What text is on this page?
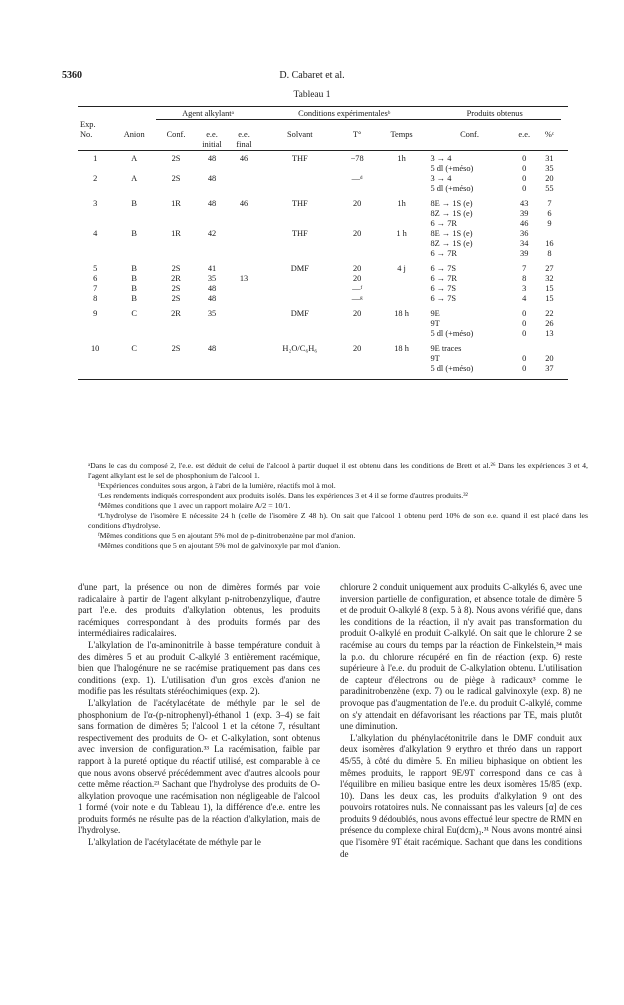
5360	D. Cabaret et al.
Tableau 1

		Agent alkylantᵃ			Conditions expérimentalesᵇ			Produits obtenus			
Exp.											
No.	Anion	Conf.	e.e. initial	e.e. final	Solvant	T°	Temps	Conf.	e.e.	%ᶜ	

1	A	2S	48	46	THF	−78	1h	3 → 4	0	31	
								5 dl (+méso)	0	35	
2	A	2S	48			—ᵈ		3 → 4	0	20	
								5 dl (+méso)	0	55	

3	B	1R	48	46	THF	20	1h	8E → 1S (e)	43	7	
								8Z → 1S (e)	39	6	
								6 → 7R	46	9	
4	B	1R	42		THF	20	1 h	8E → 1S (e)	36		
								8Z → 1S (e)	34	16	
								6 → 7R	39	8	

5	B	2S	41		DMF	20	4 j	6 → 7S	7	27	
6	B	2R	35	13		20		6 → 7R	8	32	
7	B	2S	48			—ᶠ		6 → 7S	3	15	
8	B	2S	48			—ᵍ		6 → 7S	4	15	

9	C	2R	35		DMF	20	18 h	9E	0	22	
								9T	0	26	
								5 dl (+méso)	0	13	

10	C	2S	48		H₂O/C₆H₆	20	18 h	9E traces			
								9T	0	20	
								5 dl (+méso)	0	37	

ᵃDans le cas du composé 2, l'e.e. est déduit de celui de l'alcool à partir duquel il est obtenu dans les conditions de Brett et al.²⁶ Dans les expériences 3 et 4, l'agent alkylant est le sel de phosphonium de l'alcool 1.

ᵇExpériences conduites sous argon, à l'abri de la lumière, réactifs mol à mol.

ᶜLes rendements indiqués correspondent aux produits isolés. Dans les expériences 3 et 4 il se forme d'autres produits.³²

ᵈMêmes conditions que 1 avec un rapport molaire A/2 = 10/1.

ᵉL'hydrolyse de l'isomère E nécessite 24 h (celle de l'isomère Z 48 h). On sait que l'alcool 1 obtenu perd 10% de son e.e. quand il est placé dans les conditions d'hydrolyse.

ᶠMêmes conditions que 5 en ajoutant 5% mol de p-dinitrobenzène par mol d'anion.

ᵍMêmes conditions que 5 en ajoutant 5% mol de galvinoxyle par mol d'anion.

d'une part, la présence ou non de dimères formés par voie radicalaire à partir de l'agent alkylant p-nitrobenzylique, d'autre part l'e.e. des produits d'alkylation obtenus, les produits racémiques correspondant à des produits formés par des intermédiaires radicalaires.

L'alkylation de l'α-aminonitrile à basse température conduit à des dimères 5 et au produit C-alkylé 3 entièrement racémique, bien que l'halogénure ne se racémise pratiquement pas dans ces conditions (exp. 1). L'utilisation d'un gros excès d'anion ne modifie pas les résultats stéréochimiques (exp. 2).

L'alkylation de l'acétylacétate de méthyle par le sel de phosphonium de l'α-(p-nitrophenyl)-éthanol 1 (exp. 3–4) se fait sans formation de dimères 5; l'alcool 1 et la cétone 7, résultant respectivement des produits de O- et C-alkylation, sont obtenus avec inversion de configuration.³³ La racémisation, faible par rapport à la pureté optique du réactif utilisé, est comparable à ce que nous avons observé précédemment avec d'autres alcools pour cette même réaction.²¹ Sachant que l'hydrolyse des produits de O-alkylation provoque une racémisation non négligeable de l'alcool 1 formé (voir note e du Tableau 1), la différence d'e.e. entre les produits formés ne résulte pas de la réaction d'alkylation, mais de l'hydrolyse.

L'alkylation de l'acétylacétate de méthyle par le

chlorure 2 conduit uniquement aux produits C-alkylés 6, avec une inversion partielle de configuration, et absence totale de dimère 5 et de produit O-alkylé 8 (exp. 5 à 8). Nous avons vérifié que, dans les conditions de la réaction, il n'y avait pas transformation du produit O-alkylé en produit C-alkylé. On sait que le chlorure 2 se racémise au cours du temps par la réaction de Finkelstein,³⁴ mais la p.o. du chlorure récupéré en fin de réaction (exp. 6) reste supérieure à l'e.e. du produit de C-alkylation obtenu. L'utilisation de capteur d'électrons ou de piège à radicaux³ comme le paradinitrobenzène (exp. 7) ou le radical galvinoxyle (exp. 8) ne provoque pas d'augmentation de l'e.e. du produit C-alkylé, comme on s'y attendait en défavorisant les réactions par TE, mais plutôt une diminution.

L'alkylation du phénylacétonitrile dans le DMF conduit aux deux isomères d'alkylation 9 erythro et thréo dans un rapport 45/55, à côté du dimère 5. En milieu biphasique on obtient les mêmes produits, le rapport 9E/9T correspond dans ce cas à l'équilibre en milieu basique entre les deux isomères 15/85 (exp. 10). Dans les deux cas, les produits d'alkylation 9 ont des pouvoirs rotatoires nuls. Ne connaissant pas les valeurs [α] de ces produits 9 dédoublés, nous avons effectué leur spectre de RMN en présence du complexe chiral Eu(dcm)₃.³¹ Nous avons montré ainsi que l'isomère 9T était racémique. Sachant que dans les conditions de
